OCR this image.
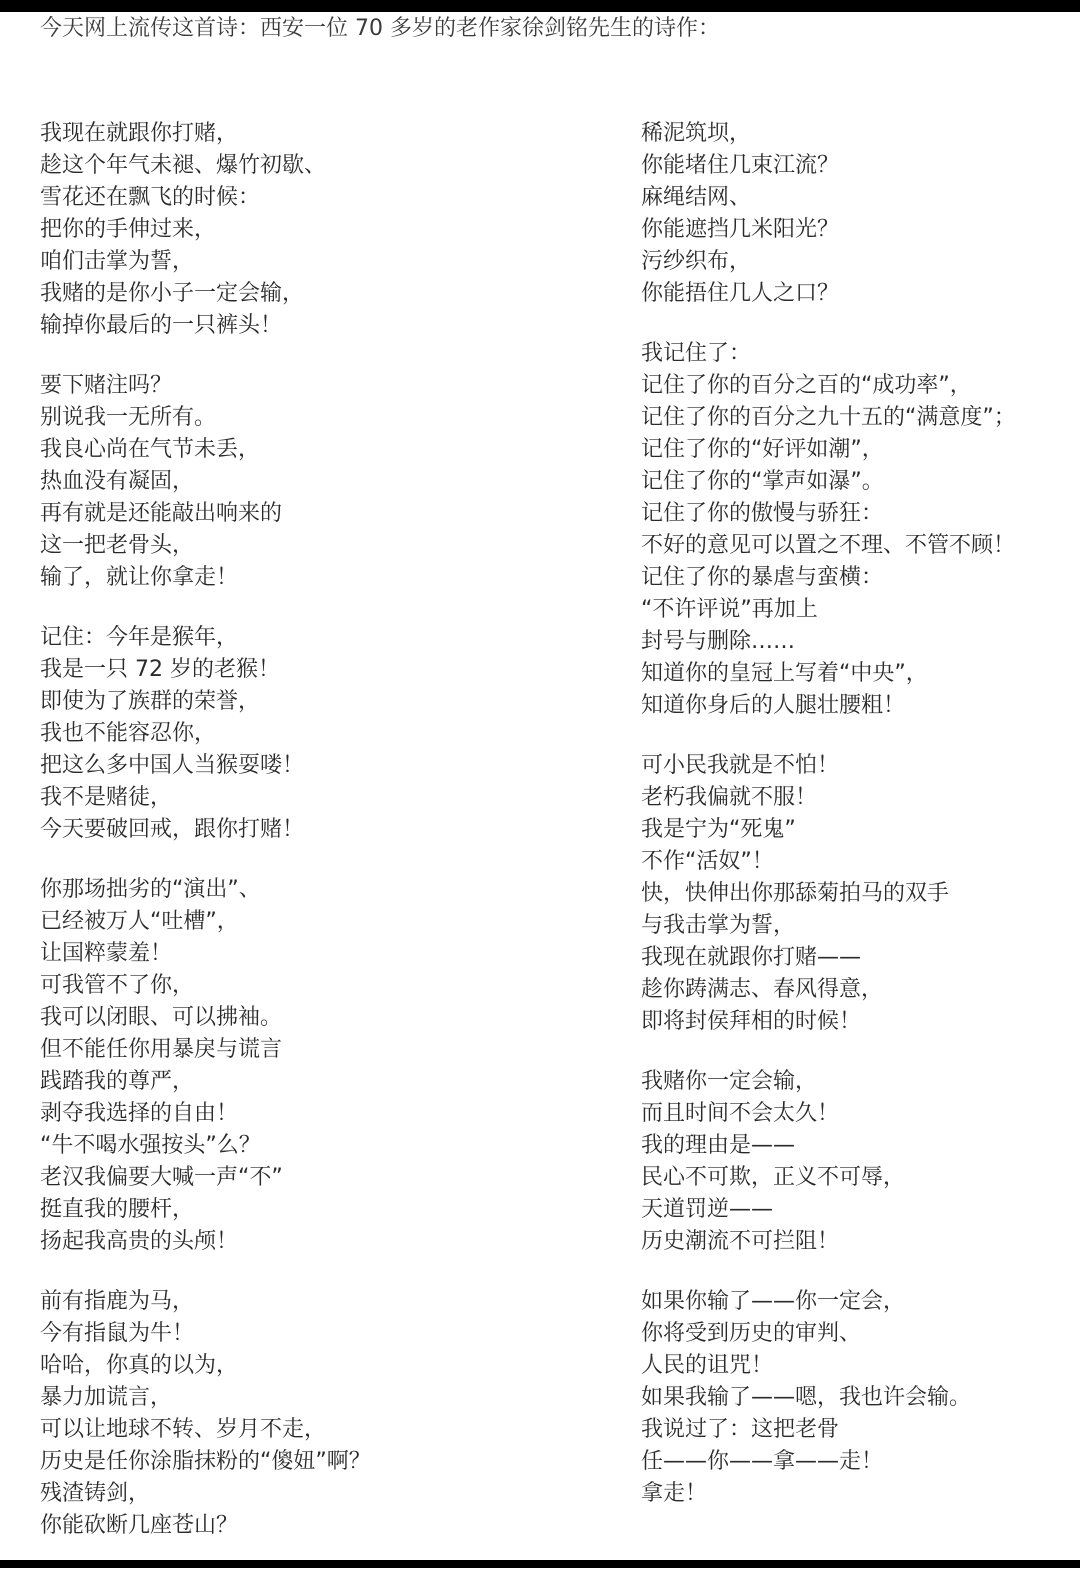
今天网上流传这首诗：西安一位 70 多岁的老作家徐剑铭先生的诗作：
我现在就跟你打赌，
趁这个年气未褪、爆竹初歇、
雪花还在飘飞的时候：
把你的手伸过来，
咱们击掌为誓，
我赌的是你小子一定会输，
输掉你最后的一只裤头！
要下赌注吗？
别说我一无所有。
我良心尚在气节未丢，
热血没有凝固，
再有就是还能敲出响来的
这一把老骨头，
输了，就让你拿走！
记住：今年是猴年，
我是一只 72 岁的老猴！
即使为了族群的荣誉，
我也不能容忍你，
把这么多中国人当猴耍喽！
我不是赌徒，
今天要破回戒，跟你打赌！
你那场拙劣的“演出”、
已经被万人“吐槽”，
让国粹蒙羞！
可我管不了你，
我可以闭眼、可以拂袖。
但不能任你用暴戾与谎言
践踏我的尊严，
剥夺我选择的自由！
“牛不喝水强按头”么？
老汉我偏要大喊一声“不”
挺直我的腰杆，
扬起我高贵的头颅！
前有指鹿为马，
今有指鼠为牛！
哈哈，你真的以为，
暴力加谎言，
可以让地球不转、岁月不走，
历史是任你涂脂抹粉的“傻妞”啊？
残渣铸剑，
你能砍断几座苍山？
稀泥筑坝，
你能堵住几束江流？
麻绳结网、
你能遮挡几米阳光？
污纱织布，
你能捂住几人之口？
我记住了：
记住了你的百分之百的“成功率”，
记住了你的百分之九十五的“满意度”；
记住了你的“好评如潮”，
记住了你的“掌声如瀑”。
记住了你的傲慢与骄狂：
不好的意见可以置之不理、不管不顾！
记住了你的暴虐与蛮横：
“不许评说”再加上
封号与删除……
知道你的皇冠上写着“中央”，
知道你身后的人腿壮腰粗！
可小民我就是不怕！
老朽我偏就不服！
我是宁为“死鬼”
不作“活奴”！
快，快伸出你那舔菊拍马的双手
与我击掌为誓，
我现在就跟你打赌——
趁你踌满志、春风得意，
即将封侯拜相的时候！
我赌你一定会输，
而且时间不会太久！
我的理由是——
民心不可欺，正义不可辱，
天道罚逆——
历史潮流不可拦阻！
如果你输了——你一定会，
你将受到历史的审判、
人民的诅咒！
如果我输了——嗯，我也许会输。
我说过了：这把老骨
任——你——拿——走！
拿走！
